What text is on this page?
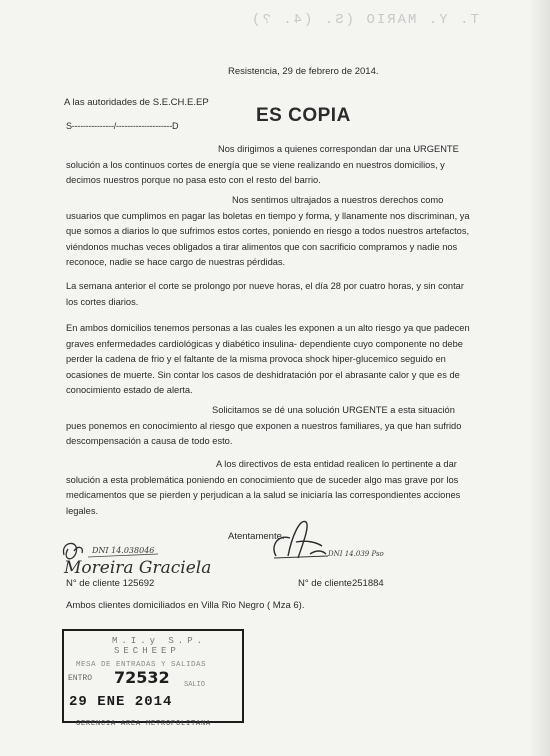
T. Y. MARIO (S. (4. ?)
Resistencia, 29 de febrero de 2014.
A las autoridades de S.E.CH.E.EP
S---------------/--------------------D	ES COPIA

Nos dirigimos a quienes correspondan dar una URGENTE solución a los continuos cortes de energía que se viene realizando en nuestros domicilios, y decimos nuestros porque no pasa esto con el resto del barrio.

Nos sentimos ultrajados a nuestros derechos como usuarios que cumplimos en pagar las boletas en tiempo y forma, y llanamente nos discriminan, ya que somos a diarios lo que sufrimos estos cortes, poniendo en riesgo a todos nuestros artefactos, viéndonos muchas veces obligados a tirar alimentos que con sacrificio compramos y nadie nos reconoce, nadie se hace cargo de nuestras pérdidas.

La semana anterior el corte se prolongo por nueve horas, el día 28 por cuatro horas, y sin contar los cortes diarios.

En ambos domicilios tenemos personas a las cuales les exponen a un alto riesgo ya que padecen graves enfermedades cardiológicas y diabético insulina- dependiente cuyo componente no debe perder la cadena de frio y el faltante de la misma provoca shock hiper-glucemico seguido en ocasiones de muerte. Sin contar los casos de deshidratación por el abrasante calor y que es de conocimiento estado de alerta.

Solicitamos se dé una solución URGENTE a esta situación pues ponemos en conocimiento al riesgo que exponen a nuestros familiares, ya que han sufrido descompensación a causa de todo esto.

A los directivos de esta entidad realicen lo pertinente a dar solución a esta problemática poniendo en conocimiento que de suceder algo mas grave por los medicamentos que se pierden y perjudican a la salud se iniciaría las correspondientes acciones legales.

Atentamente.
DNI 14.038046
Moreira Graciela
DNI 14.039 Pso
N° de cliente 125692	N° de cliente251884
Ambos clientes domiciliados en Villa Rio Negro ( Mza 6).
M.I.y S.P.
SECHEEP
MESA DE ENTRADAS Y SALIDAS
ENTRO 72532 SALIO
29 ENE 2014
GERENCIA AREA METROPOLITANA
